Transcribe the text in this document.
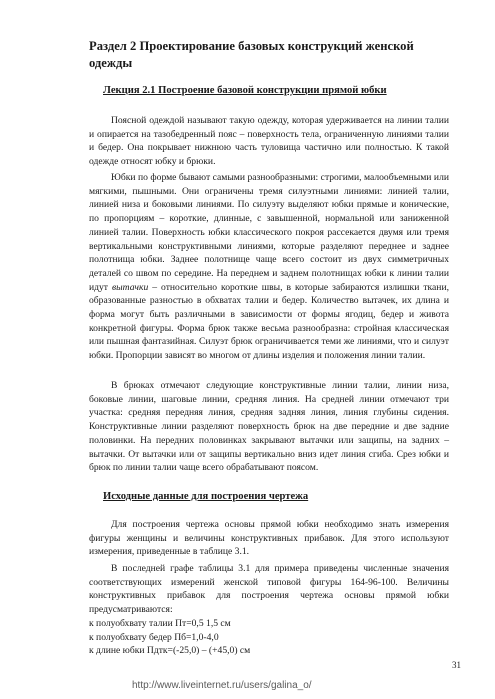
Раздел 2 Проектирование базовых конструкций женской одежды
Лекция 2.1 Построение базовой конструкции прямой юбки
Поясной одеждой называют такую одежду, которая удерживается на линии талии и опирается на тазобедренный пояс – поверхность тела, ограниченную линиями талии и бедер. Она покрывает нижнюю часть туловища частично или полностью. К такой одежде относят юбку и брюки.
Юбки по форме бывают самыми разнообразными: строгими, малообъемными или мягкими, пышными. Они ограничены тремя силуэтными линиями: линией талии, линией низа и боковыми линиями. По силуэту выделяют юбки прямые и конические, по пропорциям – короткие, длинные, с завышенной, нормальной или заниженной линией талии. Поверхность юбки классического покроя рассекается двумя или тремя вертикальными конструктивными линиями, которые разделяют переднее и заднее полотнища юбки. Заднее полотнище чаще всего состоит из двух симметричных деталей со швом по середине. На переднем и заднем полотнищах юбки к линии талии идут вытачки – относительно короткие швы, в которые забираются излишки ткани, образованные разностью в обхватах талии и бедер. Количество вытачек, их длина и форма могут быть различными в зависимости от формы ягодиц, бедер и живота конкретной фигуры. Форма брюк также весьма разнообразна: стройная классическая или пышная фантазийная. Силуэт брюк ограничивается теми же линиями, что и силуэт юбки. Пропорции зависят во многом от длины изделия и положения линии талии.
В брюках отмечают следующие конструктивные линии талии, линии низа, боковые линии, шаговые линии, средняя линия. На средней линии отмечают три участка: средняя передняя линия, средняя задняя линия, линия глубины сидения. Конструктивные линии разделяют поверхность брюк на две передние и две задние половинки. На передних половинках закрывают вытачки или защипы, на задних – вытачки. От вытачки или от защипы вертикально вниз идет линия сгиба. Срез юбки и брюк по линии талии чаще всего обрабатывают поясом.
Исходные данные для построения чертежа
Для построения чертежа основы прямой юбки необходимо знать измерения фигуры женщины и величины конструктивных прибавок. Для этого используют измерения, приведенные в таблице 3.1.
В последней графе таблицы 3.1 для примера приведены численные значения соответствующих измерений женской типовой фигуры 164-96-100. Величины конструктивных прибавок для построения чертежа основы прямой юбки предусматриваются:
к полуобхвату талии Пт=0,5 1,5 см
к полуобхвату бедер Пб=1,0-4,0
к длине юбки Пдтк=(-25,0) – (+45,0) см
31
http://www.liveinternet.ru/users/galina_o/
